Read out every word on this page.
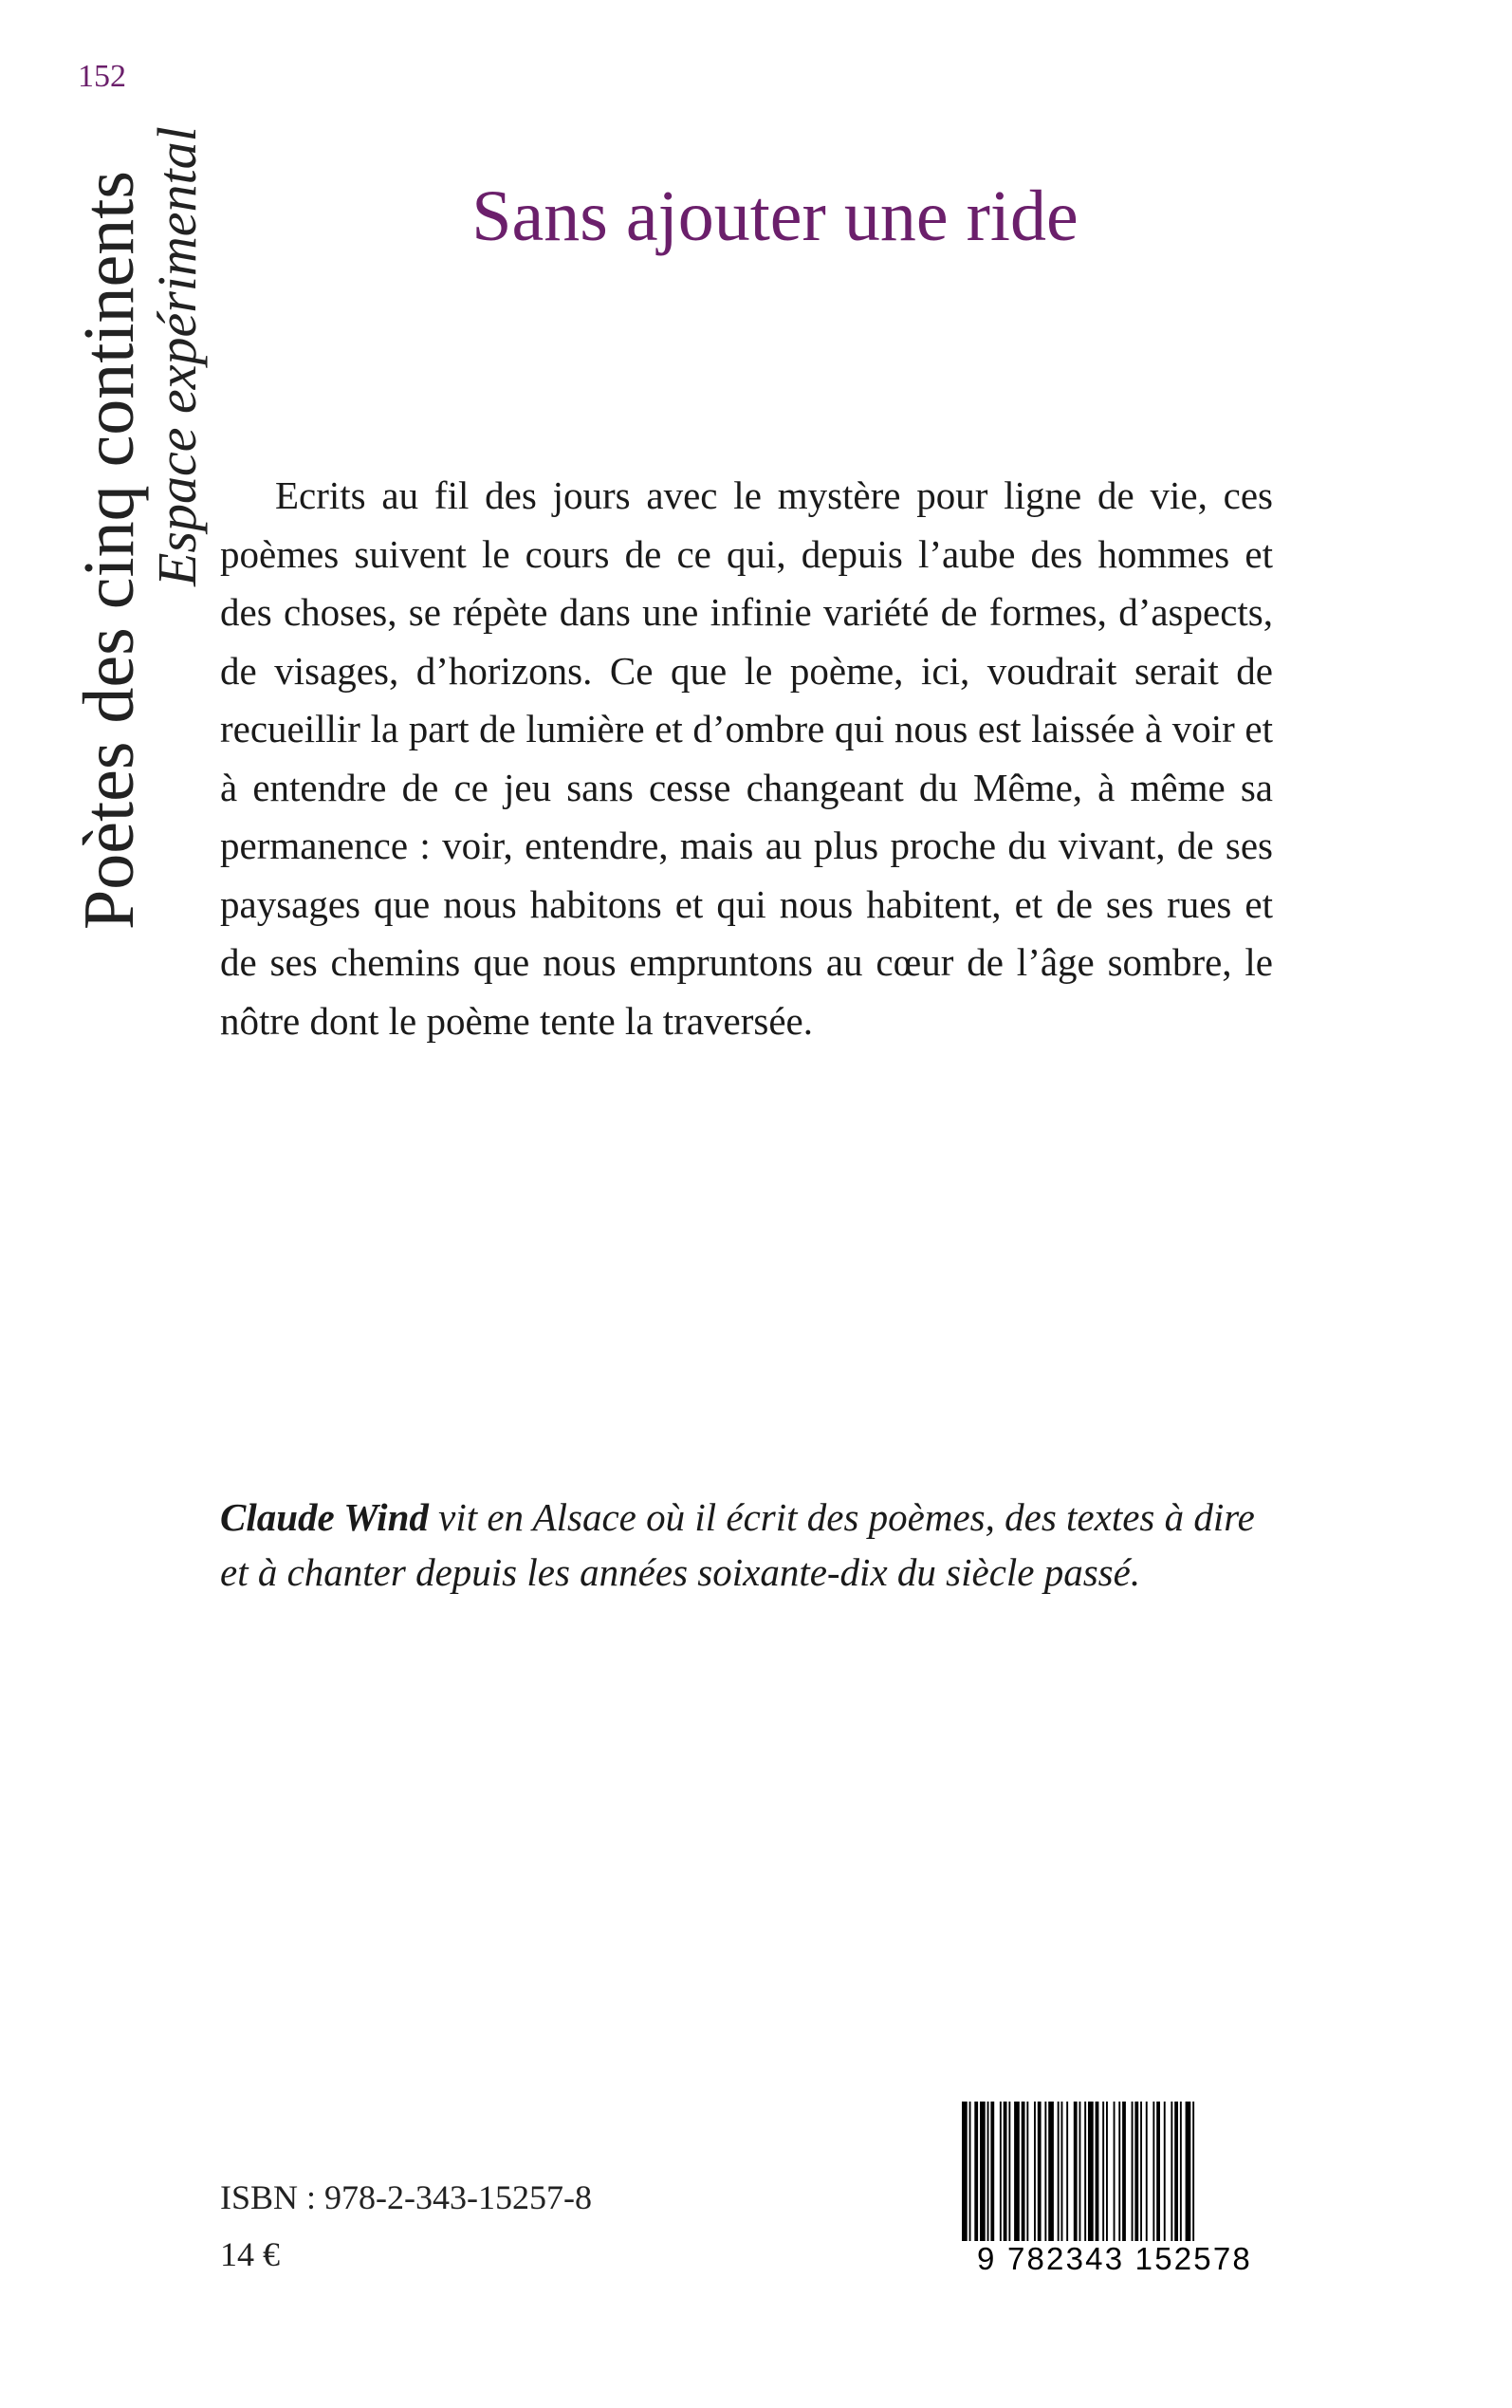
152
Poètes des cinq continents
Espace expérimental	Sans ajouter une ride

Ecrits au fil des jours avec le mystère pour ligne de vie, ces poèmes suivent le cours de ce qui, depuis l’aube des hommes et des choses, se répète dans une infinie variété de formes, d’aspects, de visages, d’horizons. Ce que le poème, ici, voudrait serait de recueillir la part de lumière et d’ombre qui nous est laissée à voir et à entendre de ce jeu sans cesse changeant du Même, à même sa permanence : voir, entendre, mais au plus proche du vivant, de ses paysages que nous habitons et qui nous habitent, et de ses rues et de ses chemins que nous empruntons au cœur de l’âge sombre, le nôtre dont le poème tente la traversée.

Claude Wind vit en Alsace où il écrit des poèmes, des textes à dire et à chanter depuis les années soixante-dix du siècle passé.

ISBN : 978-2-343-15257-8
14 €	9 782343 152578
